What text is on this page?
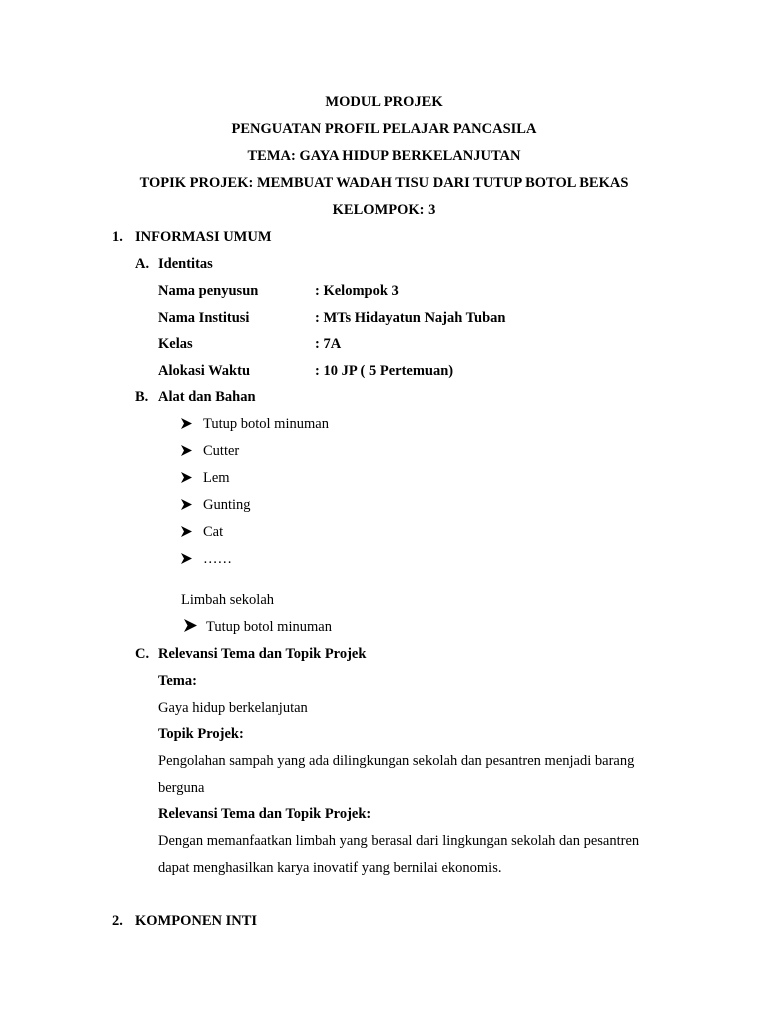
MODUL PROJEK
PENGUATAN PROFIL PELAJAR PANCASILA
TEMA: GAYA HIDUP BERKELANJUTAN
TOPIK PROJEK: MEMBUAT WADAH TISU DARI TUTUP BOTOL BEKAS
KELOMPOK: 3
1. INFORMASI UMUM
A. Identitas
Nama penyusun	: Kelompok 3
Nama Institusi	: MTs Hidayatun Najah Tuban
Kelas	: 7A
Alokasi Waktu	: 10 JP ( 5 Pertemuan)
B. Alat dan Bahan
Tutup botol minuman
Cutter
Lem
Gunting
Cat
……
Limbah sekolah
Tutup botol minuman
C. Relevansi Tema dan Topik Projek
Tema:
Gaya hidup berkelanjutan
Topik Projek:
Pengolahan sampah yang ada dilingkungan sekolah dan pesantren menjadi barang
berguna
Relevansi Tema dan Topik Projek:
Dengan memanfaatkan limbah yang berasal dari lingkungan sekolah dan pesantren
dapat menghasilkan karya inovatif yang bernilai ekonomis.
2. KOMPONEN INTI
